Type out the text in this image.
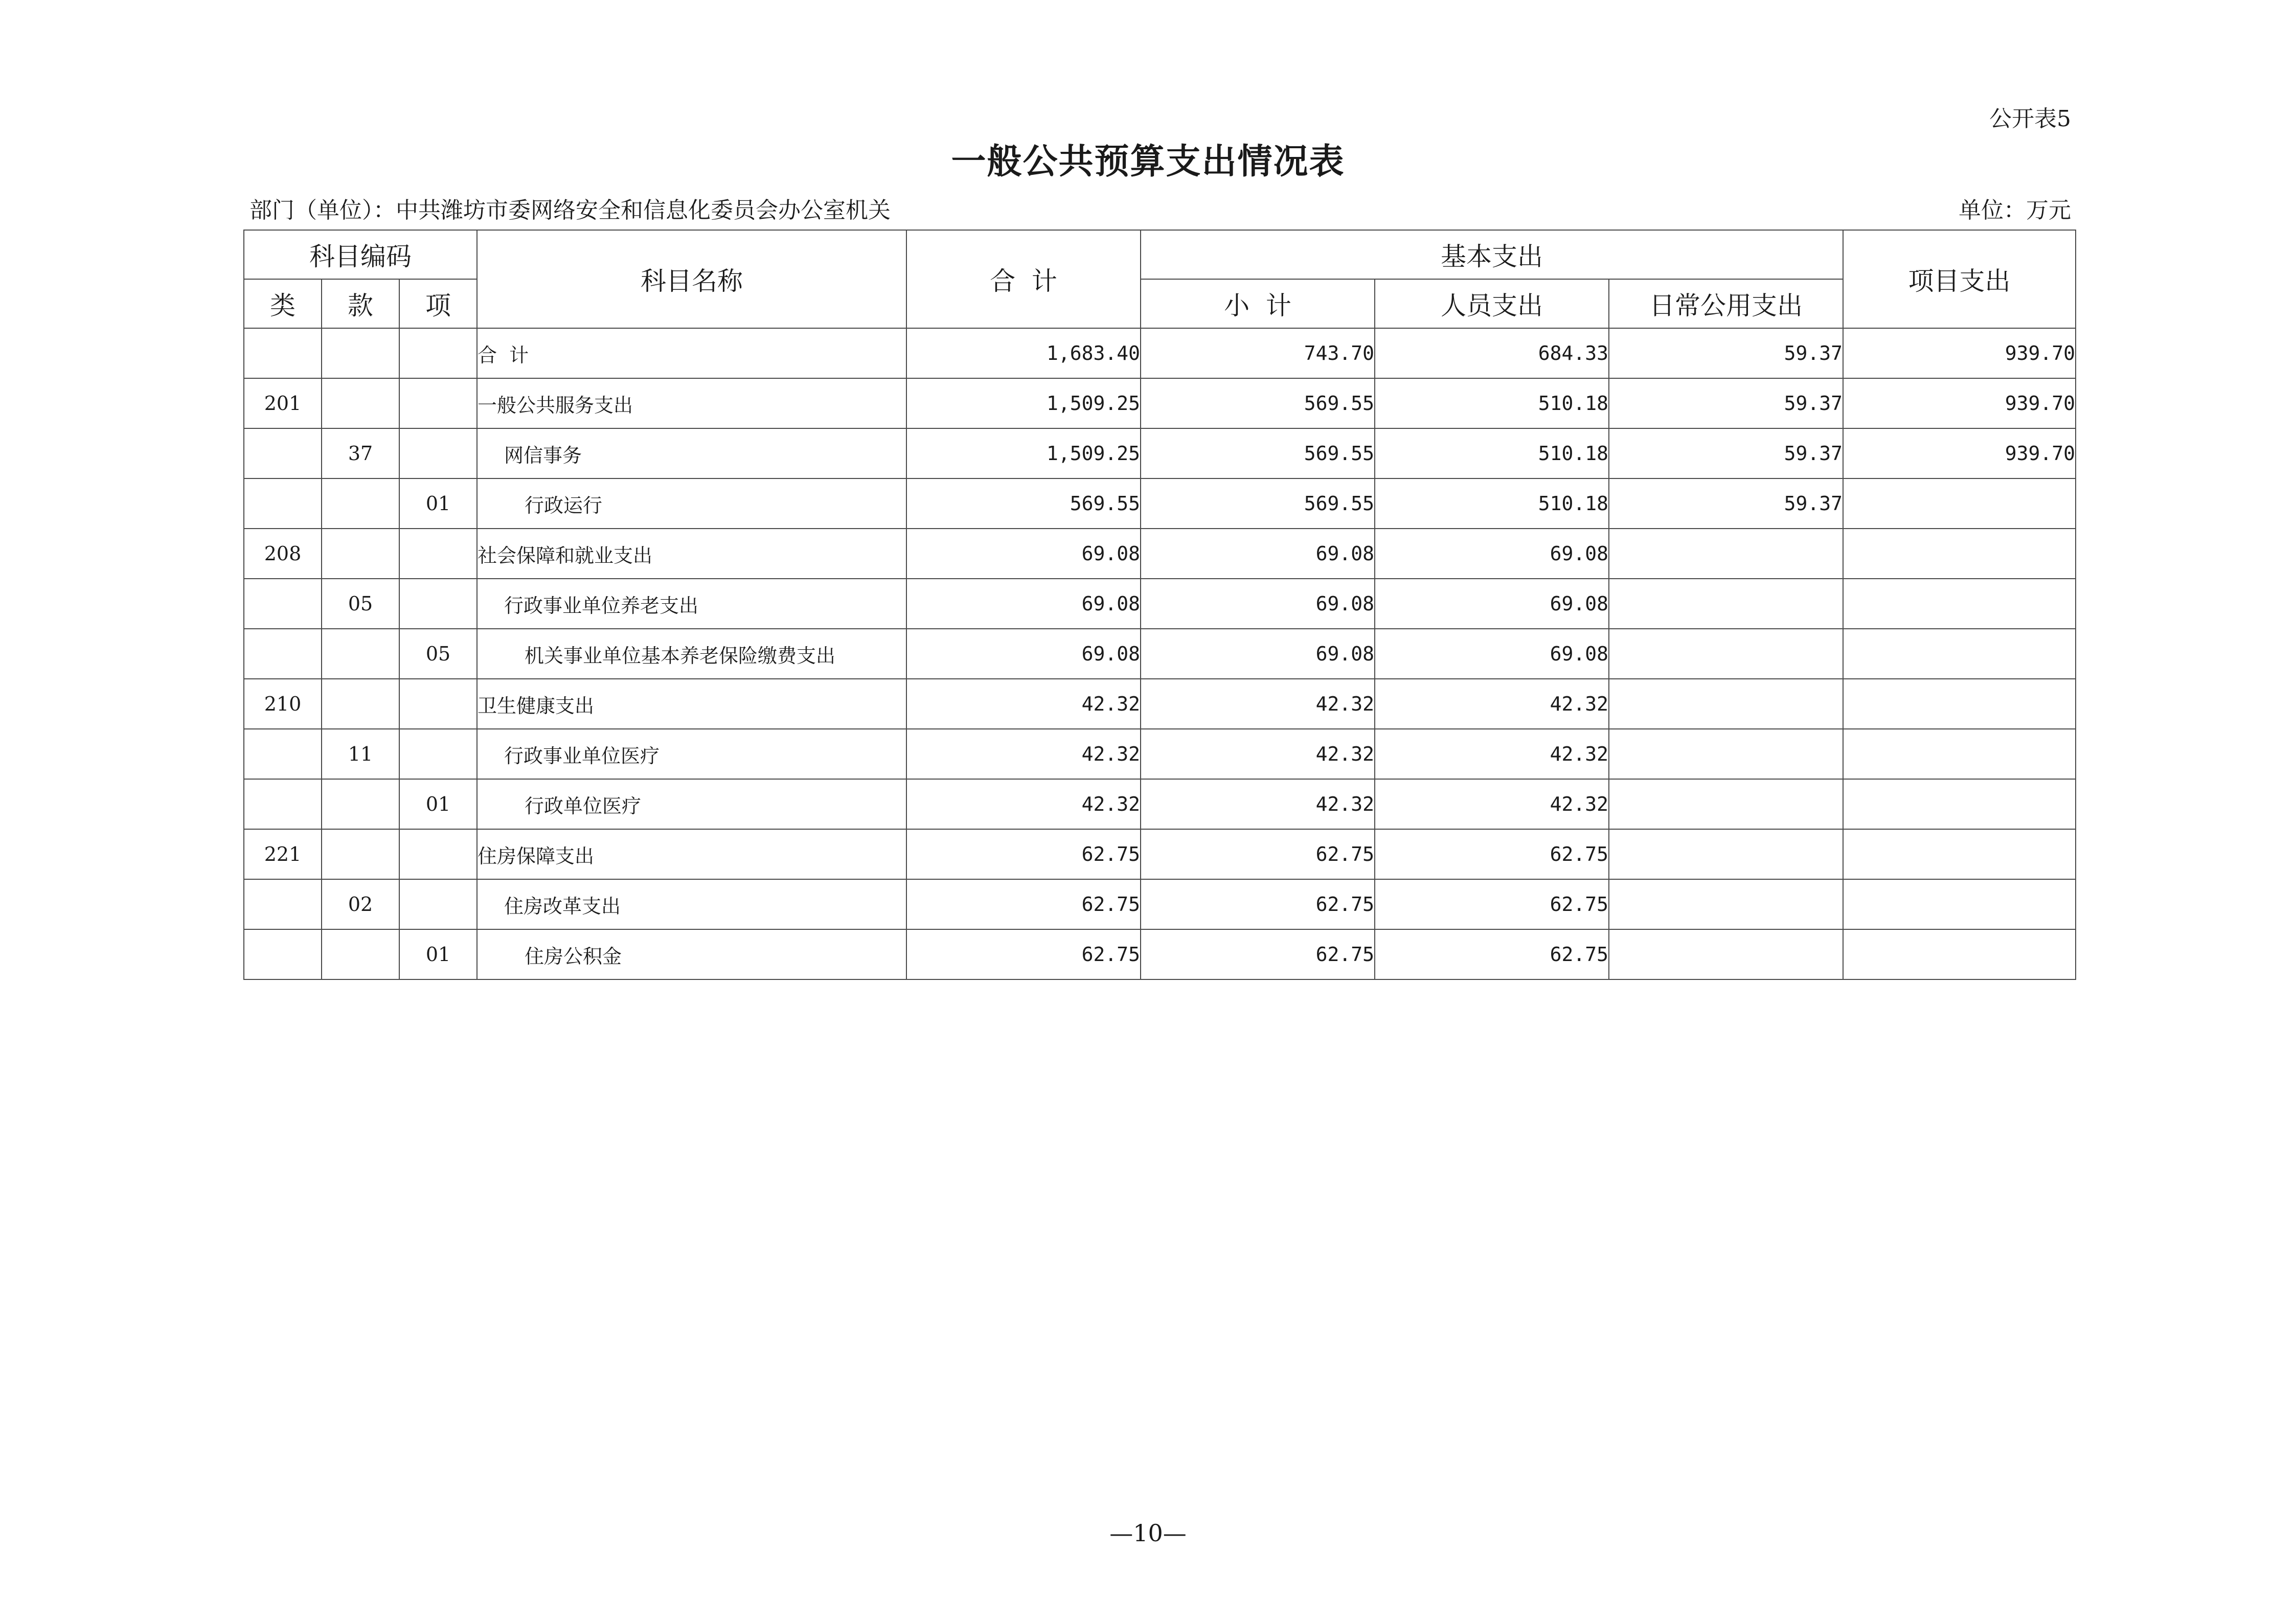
公开表5
一般公共预算支出情况表
部门（单位）：中共潍坊市委网络安全和信息化委员会办公室机关	单位：万元
科目编码			科目名称	合  计	基本支出			项目支出
类	款	项			小  计	人员支出	日常公用支出	
			合  计	1,683.40	743.70	684.33	59.37	939.70
201			一般公共服务支出	1,509.25	569.55	510.18	59.37	939.70
	37		网信事务	1,509.25	569.55	510.18	59.37	939.70
		01	行政运行	569.55	569.55	510.18	59.37	
208			社会保障和就业支出	69.08	69.08	69.08		
	05		行政事业单位养老支出	69.08	69.08	69.08		
		05	机关事业单位基本养老保险缴费支出	69.08	69.08	69.08		
210			卫生健康支出	42.32	42.32	42.32		
	11		行政事业单位医疗	42.32	42.32	42.32		
		01	行政单位医疗	42.32	42.32	42.32		
221			住房保障支出	62.75	62.75	62.75		
	02		住房改革支出	62.75	62.75	62.75		
		01	住房公积金	62.75	62.75	62.75		
—10—
